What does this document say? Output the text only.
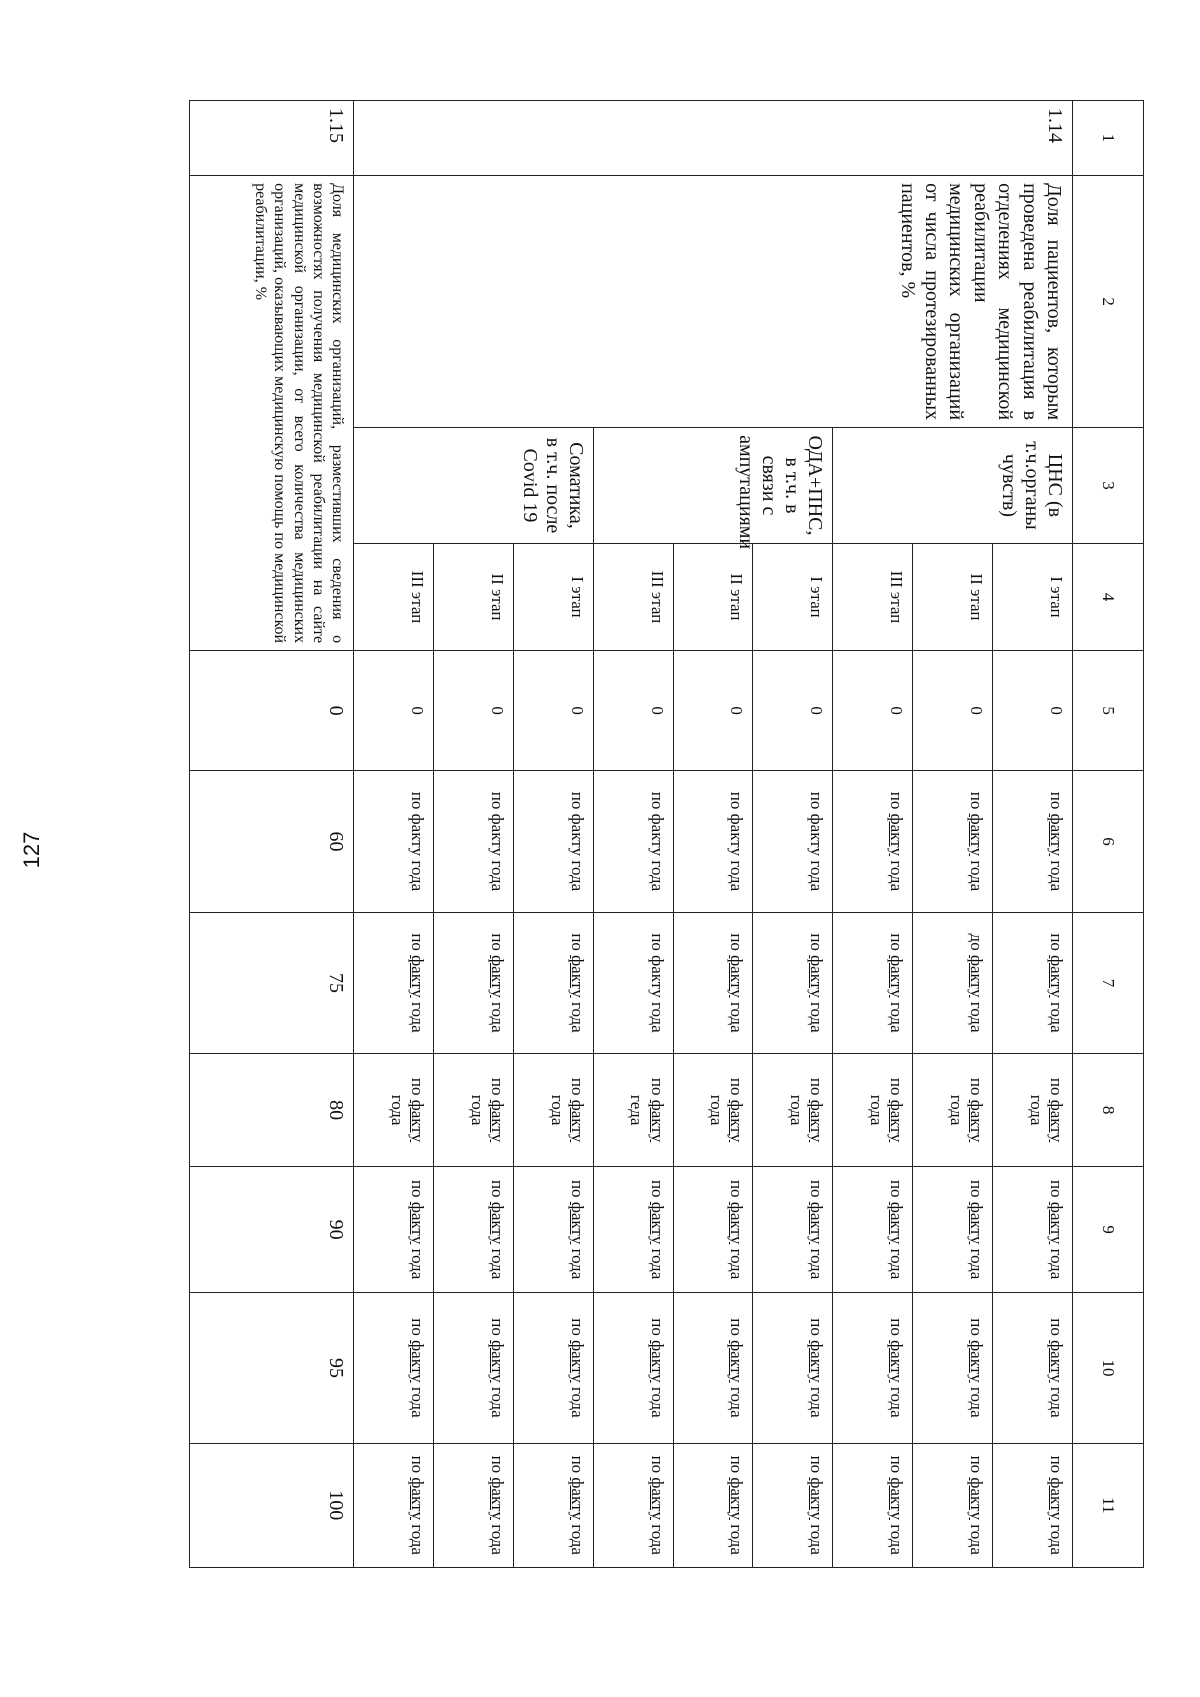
127
1	2	3	4	5	6	7	8	9	10	11
1.14	Доля пациентов, которым проведена реабилитация в отделениях медицинской реабилитации медицинских организаций от числа протезированных пациентов, %	ЦНС (в т.ч.органы чувств)	I этап	0	по фактy года	по фактy года	по фактy года	по фактy года	по фактy года	по фактy года

			II этап	0	по фактy года	до фактy года	по фактy года	по фактy года	по фактy года	по фактy года

			III этап	0	по фактy года	по фактy года	по фактy года	по фактy года	по фактy года	по фактy года

		ОДА+ПНС, в т.ч. в связи с ампутациями	I этап	0	по фактy года	по фактy года	по фактy года	по фактy года	по фактy года	по фактy года

			II этап	0	по фактy года	по фактy года	по фактy года	по фактy года	по фактy года	по фактy года

			III этап	0	по фактy года	по фактy года	по фактy гeда	по фактy года	по фактy года	по фактy года

		Соматика, в т.ч. после Covid 19	I этап	0	по фактy года	по фактy года	по фактy года	по фактy года	по фактy года	по фактy года

			II этап	0	по фактy года	по фактy года	по фактy года	по фактy года	по фактy года	по фактy года

			III этап	0	по фактy года	по фактy года	по фактy года	по фактy года	по фактy года	по фактy года

1.15	Доля медицинских организаций, разместивших сведения о возможностях получения медицинской реабилитации на сайте медицинской организации, от всего количества медицинских организаций, оказывающих медицинскую помощь по медицинской реабилитации, %			0	60	75	80	90	95	100
